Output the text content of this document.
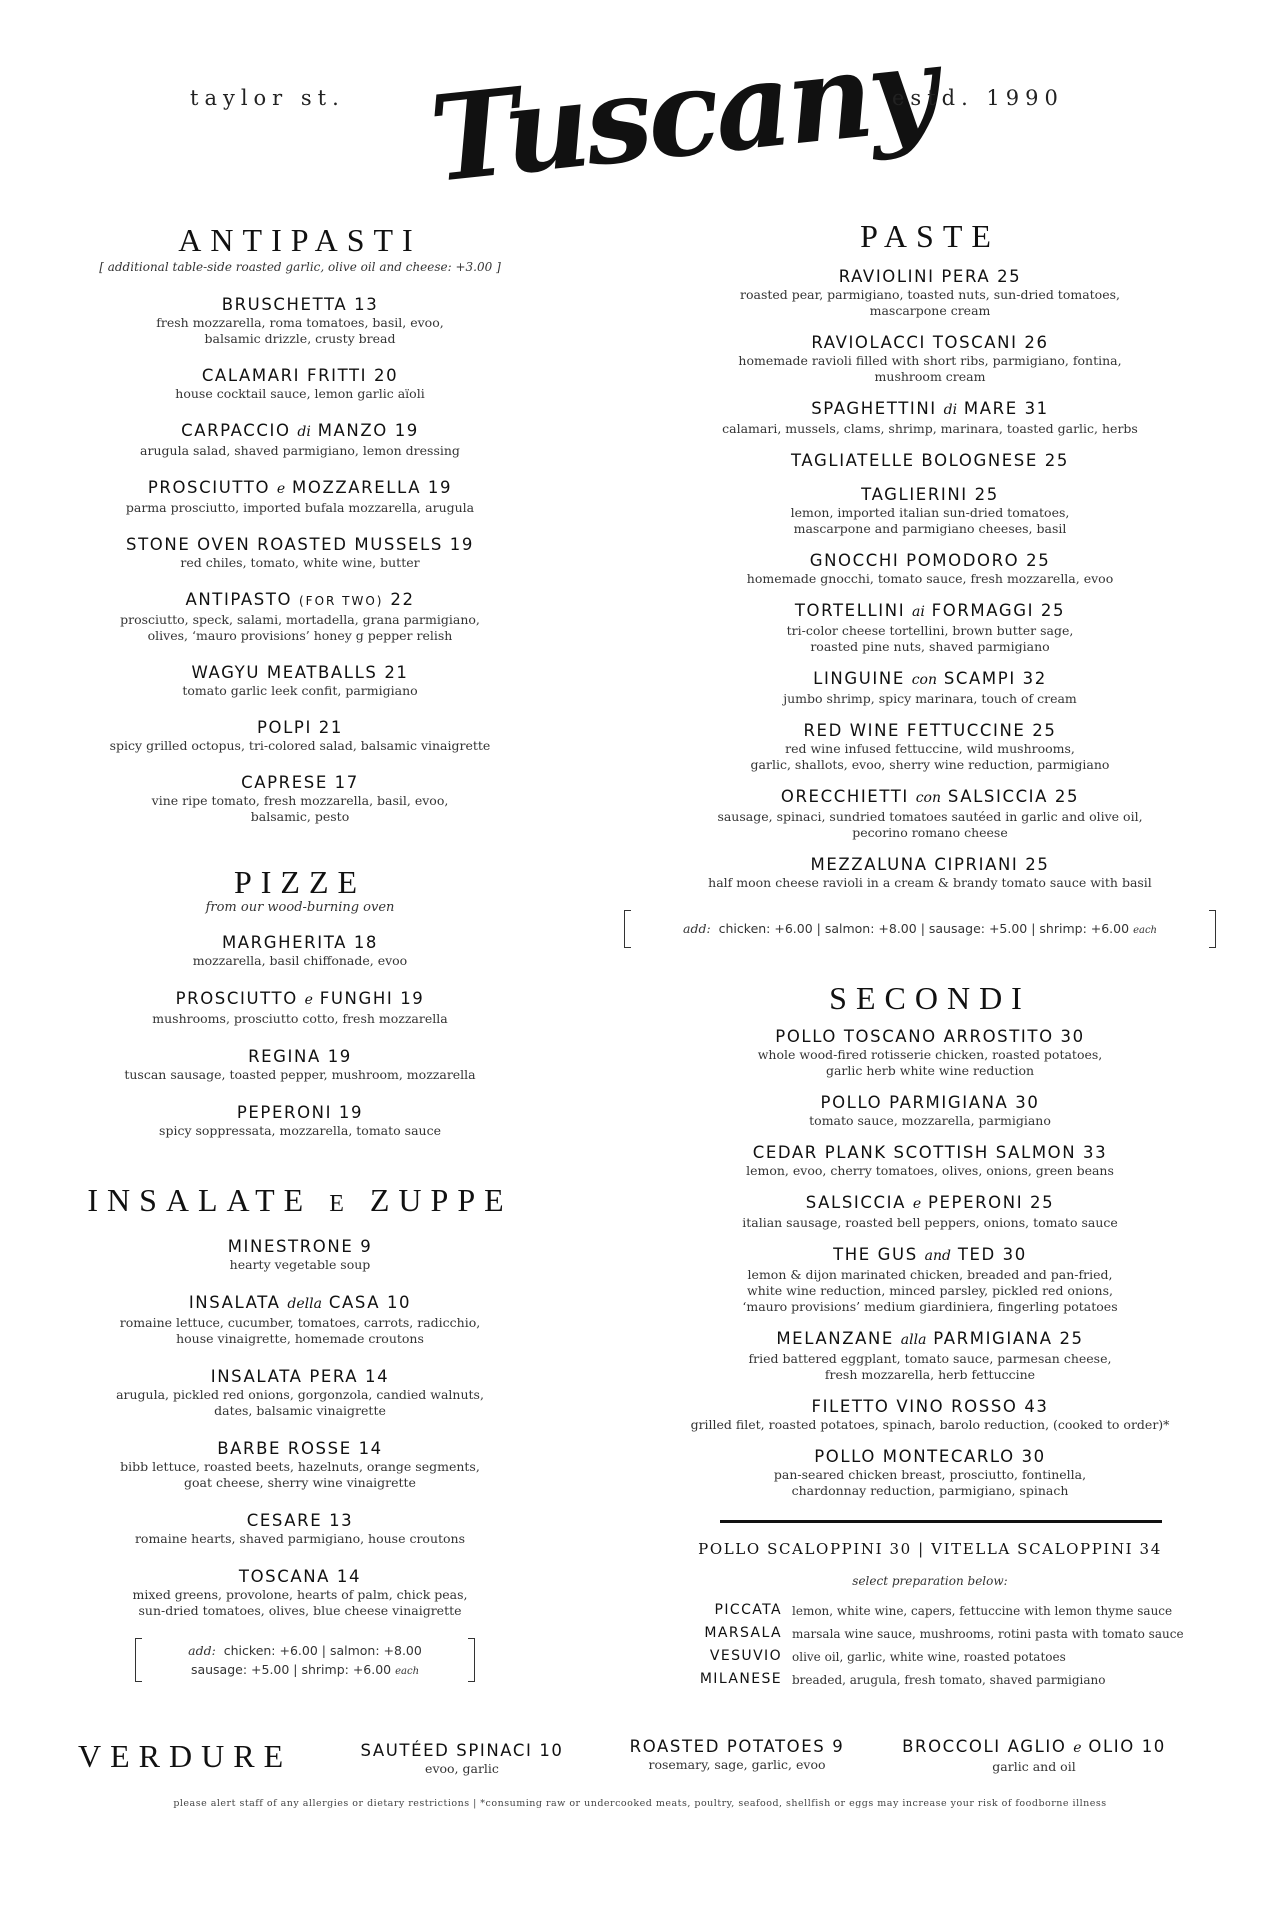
taylor st. Tuscany
estd. 1990
ANTIPASTI
[ additional table-side roasted garlic, olive oil and cheese: +3.00 ]
BRUSCHETTA 13
fresh mozzarella, roma tomatoes, basil, evoo,
balsamic drizzle, crusty bread
CALAMARI FRITTI 20
house cocktail sauce, lemon garlic aïoli
CARPACCIO di MANZO 19
arugula salad, shaved parmigiano, lemon dressing
PROSCIUTTO e MOZZARELLA 19
parma prosciutto, imported bufala mozzarella, arugula
STONE OVEN ROASTED MUSSELS 19
red chiles, tomato, white wine, butter
ANTIPASTO (FOR TWO) 22
prosciutto, speck, salami, mortadella, grana parmigiano,
olives, ‘mauro provisions’ honey g pepper relish
WAGYU MEATBALLS 21
tomato garlic leek confit, parmigiano
POLPI 21
spicy grilled octopus, tri-colored salad, balsamic vinaigrette
CAPRESE 17
vine ripe tomato, fresh mozzarella, basil, evoo,
balsamic, pesto
PIZZE
from our wood-burning oven
MARGHERITA 18
mozzarella, basil chiffonade, evoo
PROSCIUTTO e FUNGHI 19
mushrooms, prosciutto cotto, fresh mozzarella
REGINA 19
tuscan sausage, toasted pepper, mushroom, mozzarella
PEPERONI 19
spicy soppressata, mozzarella, tomato sauce
INSALATE E ZUPPE
MINESTRONE 9
hearty vegetable soup
INSALATA della CASA 10
romaine lettuce, cucumber, tomatoes, carrots, radicchio,
house vinaigrette, homemade croutons
INSALATA PERA 14
arugula, pickled red onions, gorgonzola, candied walnuts,
dates, balsamic vinaigrette
BARBE ROSSE 14
bibb lettuce, roasted beets, hazelnuts, orange segments,
goat cheese, sherry wine vinaigrette
CESARE 13
romaine hearts, shaved parmigiano, house croutons
TOSCANA 14
mixed greens, provolone, hearts of palm, chick peas,
sun-dried tomatoes, olives, blue cheese vinaigrette
add: chicken: +6.00 | salmon: +8.00
sausage: +5.00 | shrimp: +6.00 each
PASTE
RAVIOLINI PERA 25
roasted pear, parmigiano, toasted nuts, sun-dried tomatoes,
mascarpone cream
RAVIOLACCI TOSCANI 26
homemade ravioli filled with short ribs, parmigiano, fontina,
mushroom cream
SPAGHETTINI di MARE 31
calamari, mussels, clams, shrimp, marinara, toasted garlic, herbs
TAGLIATELLE BOLOGNESE 25
TAGLIERINI 25
lemon, imported italian sun-dried tomatoes,
mascarpone and parmigiano cheeses, basil
GNOCCHI POMODORO 25
homemade gnocchi, tomato sauce, fresh mozzarella, evoo
TORTELLINI ai FORMAGGI 25
tri-color cheese tortellini, brown butter sage,
roasted pine nuts, shaved parmigiano
LINGUINE con SCAMPI 32
jumbo shrimp, spicy marinara, touch of cream
RED WINE FETTUCCINE 25
red wine infused fettuccine, wild mushrooms,
garlic, shallots, evoo, sherry wine reduction, parmigiano
ORECCHIETTI con SALSICCIA 25
sausage, spinaci, sundried tomatoes sautéed in garlic and olive oil,
pecorino romano cheese
MEZZALUNA CIPRIANI 25
half moon cheese ravioli in a cream & brandy tomato sauce with basil
add: chicken: +6.00 | salmon: +8.00 | sausage: +5.00 | shrimp: +6.00 each
SECONDI
POLLO TOSCANO ARROSTITO 30
whole wood-fired rotisserie chicken, roasted potatoes,
garlic herb white wine reduction
POLLO PARMIGIANA 30
tomato sauce, mozzarella, parmigiano
CEDAR PLANK SCOTTISH SALMON 33
lemon, evoo, cherry tomatoes, olives, onions, green beans
SALSICCIA e PEPERONI 25
italian sausage, roasted bell peppers, onions, tomato sauce
THE GUS and TED 30
lemon & dijon marinated chicken, breaded and pan-fried,
white wine reduction, minced parsley, pickled red onions,
‘mauro provisions’ medium giardiniera, fingerling potatoes
MELANZANE alla PARMIGIANA 25
fried battered eggplant, tomato sauce, parmesan cheese,
fresh mozzarella, herb fettuccine
FILETTO VINO ROSSO 43
grilled filet, roasted potatoes, spinach, barolo reduction, (cooked to order)*
POLLO MONTECARLO 30
pan-seared chicken breast, prosciutto, fontinella,
chardonnay reduction, parmigiano, spinach
POLLO SCALOPPINI 30 | VITELLA SCALOPPINI 34
select preparation below:
PICCATA lemon, white wine, capers, fettuccine with lemon thyme sauce
MARSALA marsala wine sauce, mushrooms, rotini pasta with tomato sauce
VESUVIO olive oil, garlic, white wine, roasted potatoes
MILANESE breaded, arugula, fresh tomato, shaved parmigiano
VERDURE	SAUTÉED SPINACI 10
evoo, garlic
ROASTED POTATOES 9
rosemary, sage, garlic, evoo
BROCCOLI AGLIO e OLIO 10
garlic and oil
please alert staff of any allergies or dietary restrictions | *consuming raw or undercooked meats, poultry, seafood, shellfish or eggs may increase your risk of foodborne illness
